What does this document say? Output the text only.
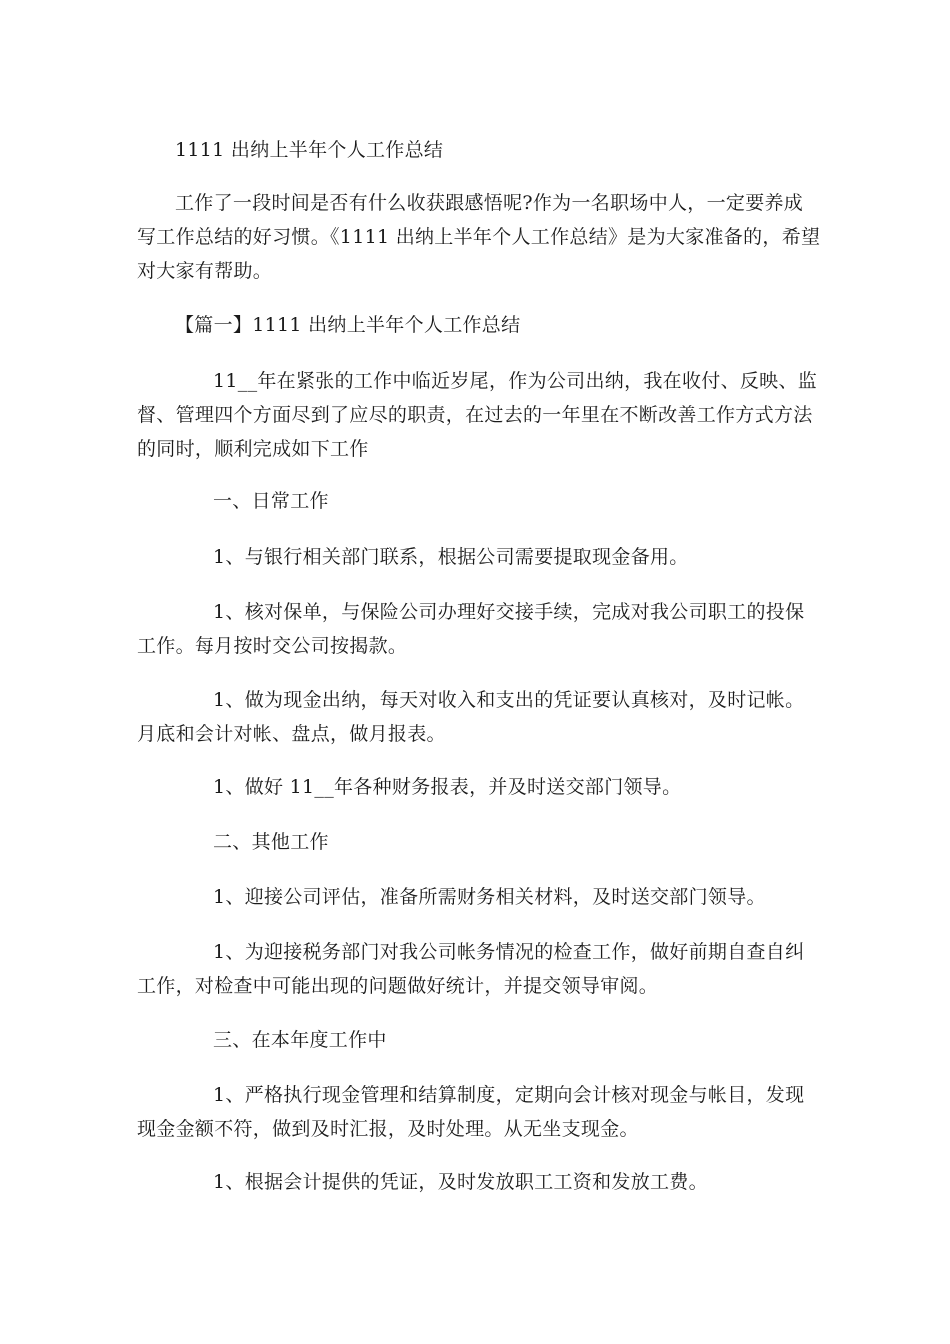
1111 出纳上半年个人工作总结
工作了一段时间是否有什么收获跟感悟呢?作为一名职场中人，一定要养成
写工作总结的好习惯。《1111 出纳上半年个人工作总结》是为大家准备的，希望
对大家有帮助。
【篇一】1111 出纳上半年个人工作总结
11__年在紧张的工作中临近岁尾，作为公司出纳，我在收付、反映、监
督、管理四个方面尽到了应尽的职责，在过去的一年里在不断改善工作方式方法
的同时，顺利完成如下工作
一、日常工作
1、与银行相关部门联系，根据公司需要提取现金备用。
1、核对保单，与保险公司办理好交接手续，完成对我公司职工的投保
工作。每月按时交公司按揭款。
1、做为现金出纳，每天对收入和支出的凭证要认真核对，及时记帐。
月底和会计对帐、盘点，做月报表。
1、做好 11__年各种财务报表，并及时送交部门领导。
二、其他工作
1、迎接公司评估，准备所需财务相关材料，及时送交部门领导。
1、为迎接税务部门对我公司帐务情况的检查工作，做好前期自查自纠
工作，对检查中可能出现的问题做好统计，并提交领导审阅。
三、在本年度工作中
1、严格执行现金管理和结算制度，定期向会计核对现金与帐目，发现
现金金额不符，做到及时汇报，及时处理。从无坐支现金。
1、根据会计提供的凭证，及时发放职工工资和发放工费。
